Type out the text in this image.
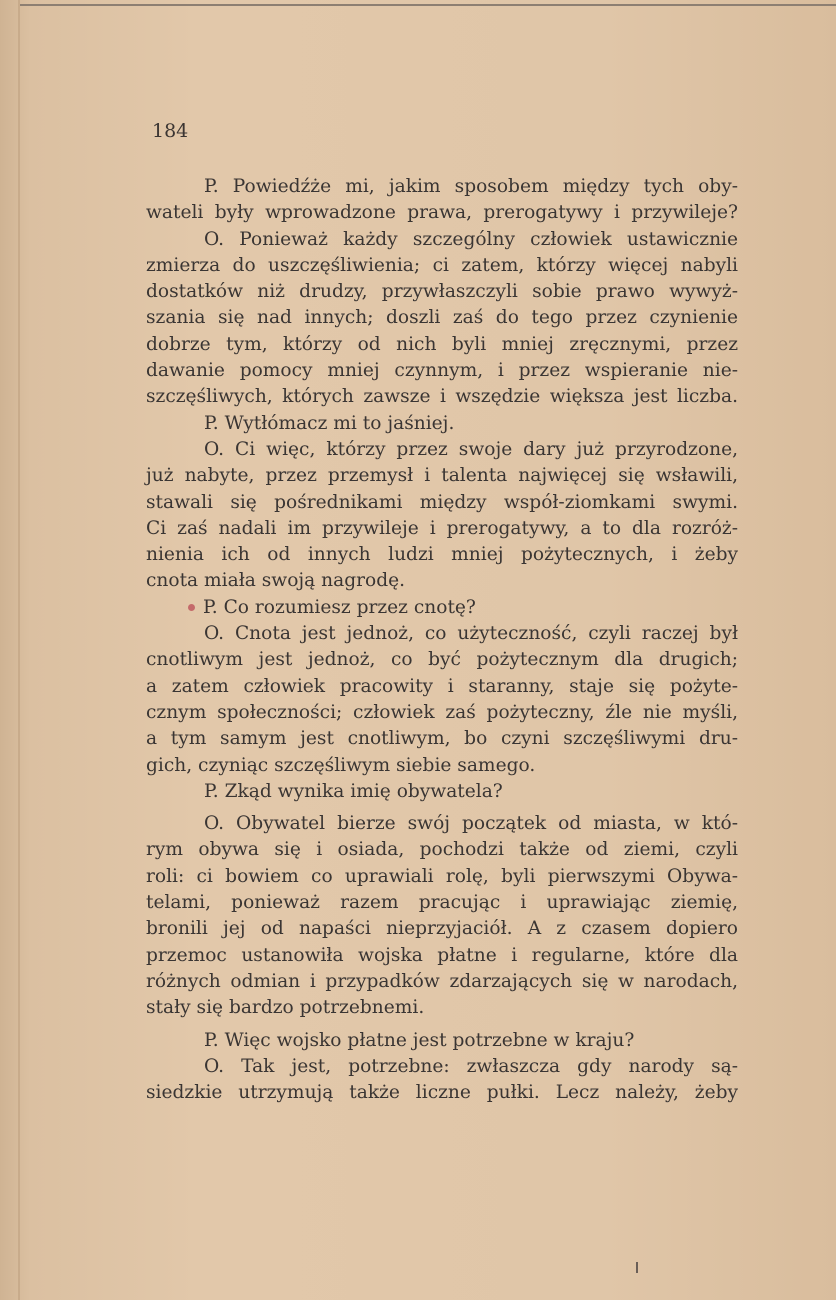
184
P. Powiedźże mi, jakim sposobem między tych oby-
wateli były wprowadzone prawa, prerogatywy i przywileje?
O. Ponieważ każdy szczególny człowiek ustawicznie
zmierza do uszczęśliwienia; ci zatem, którzy więcej nabyli
dostatków niż drudzy, przywłaszczyli sobie prawo wywyż-
szania się nad innych; doszli zaś do tego przez czynienie
dobrze tym, którzy od nich byli mniej zręcznymi, przez
dawanie pomocy mniej czynnym, i przez wspieranie nie-
szczęśliwych, których zawsze i wszędzie większa jest liczba.
P. Wytłómacz mi to jaśniej.
O. Ci więc, którzy przez swoje dary już przyrodzone,
już nabyte, przez przemysł i talenta najwięcej się wsławili,
stawali się pośrednikami między współ-ziomkami swymi.
Ci zaś nadali im przywileje i prerogatywy, a to dla rozróż-
nienia ich od innych ludzi mniej pożytecznych, i żeby
cnota miała swoją nagrodę.
P. Co rozumiesz przez cnotę?
O. Cnota jest jednoż, co użyteczność, czyli raczej był
cnotliwym jest jednoż, co być pożytecznym dla drugich;
a zatem człowiek pracowity i staranny, staje się pożyte-
cznym społeczności; człowiek zaś pożyteczny, źle nie myśli,
a tym samym jest cnotliwym, bo czyni szczęśliwymi dru-
gich, czyniąc szczęśliwym siebie samego.
P. Zkąd wynika imię obywatela?
O. Obywatel bierze swój początek od miasta, w któ-
rym obywa się i osiada, pochodzi także od ziemi, czyli
roli: ci bowiem co uprawiali rolę, byli pierwszymi Obywa-
telami, ponieważ razem pracując i uprawiając ziemię,
bronili jej od napaści nieprzyjaciół. A z czasem dopiero
przemoc ustanowiła wojska płatne i regularne, które dla
różnych odmian i przypadków zdarzających się w narodach,
stały się bardzo potrzebnemi.
P. Więc wojsko płatne jest potrzebne w kraju?
O. Tak jest, potrzebne: zwłaszcza gdy narody są-
siedzkie utrzymują także liczne pułki. Lecz należy, żeby
